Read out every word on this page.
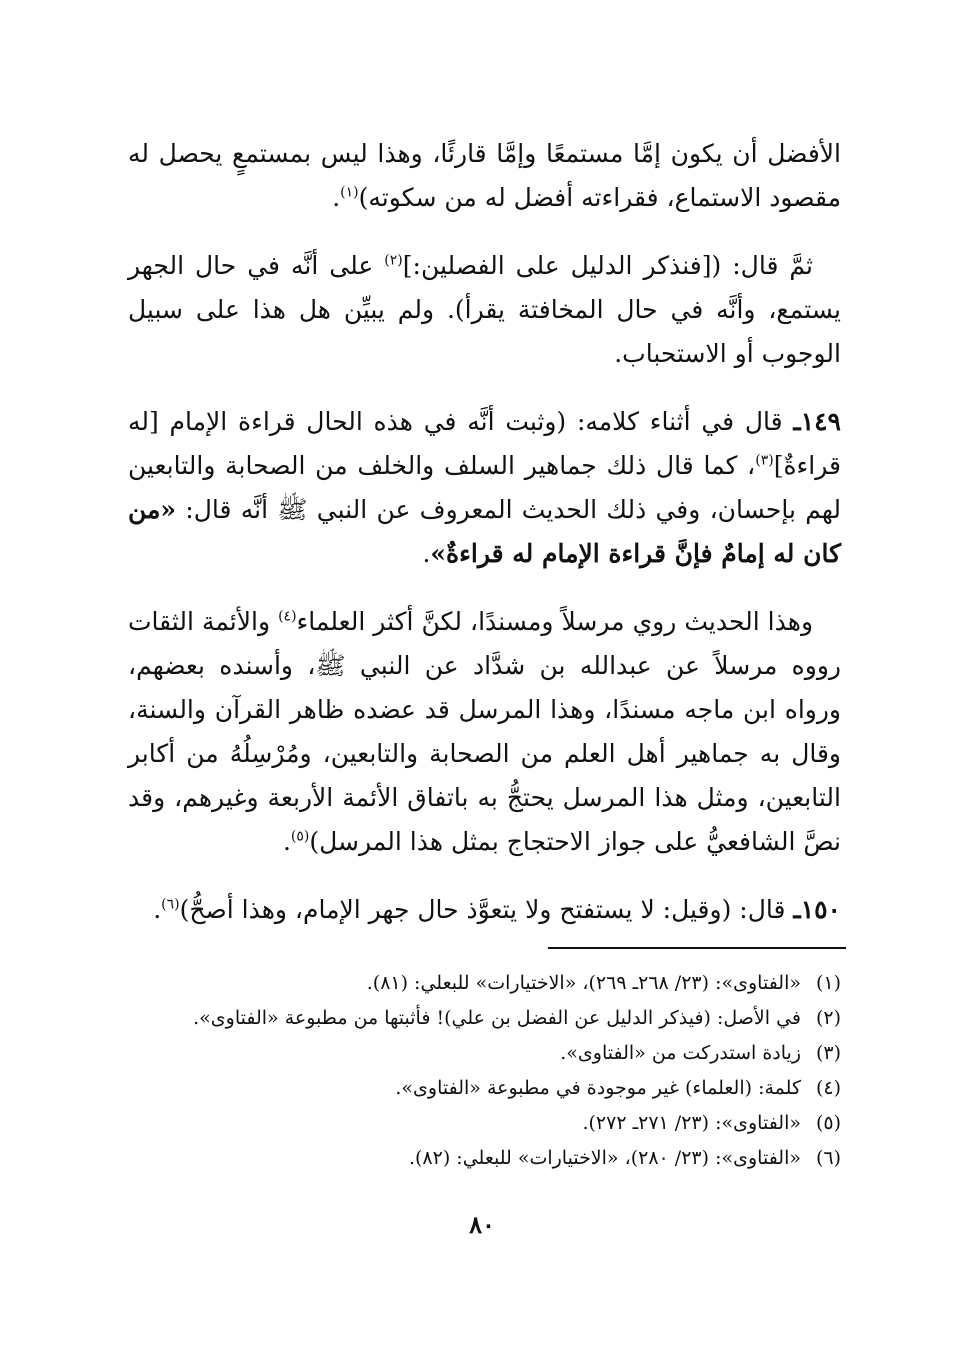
الأفضل أن يكون إمَّا مستمعًا وإمَّا قارئًا، وهذا ليس بمستمعٍ يحصل له مقصود الاستماع، فقراءته أفضل له من سكوته)$^{(١)}$.

ثمَّ قال: ([فنذكر الدليل على الفصلين:]$^{(٢)}$ على أنَّه في حال الجهر يستمع، وأنَّه في حال المخافتة يقرأ). ولم يبيِّن هل هذا على سبيل الوجوب أو الاستحباب.

١٤٩ـ قال في أثناء كلامه: (وثبت أنَّه في هذه الحال قراءة الإمام [له قراءةٌ]$^{(٣)}$، كما قال ذلك جماهير السلف والخلف من الصحابة والتابعين لهم بإحسان، وفي ذلك الحديث المعروف عن النبي ﷺ أنَّه قال: «من كان له إمامٌ فإنَّ قراءة الإمام له قراءةٌ».

وهذا الحديث روي مرسلاً ومسندًا، لكنَّ أكثر العلماء$^{(٤)}$ والأئمة الثقات رووه مرسلاً عن عبدالله بن شدَّاد عن النبي ﷺ، وأسنده بعضهم، ورواه ابن ماجه مسندًا، وهذا المرسل قد عضده ظاهر القرآن والسنة، وقال به جماهير أهل العلم من الصحابة والتابعين، ومُرْسِلُهُ من أكابر التابعين، ومثل هذا المرسل يحتجُّ به باتفاق الأئمة الأربعة وغيرهم، وقد نصَّ الشافعيُّ على جواز الاحتجاج بمثل هذا المرسل)$^{(٥)}$.

١٥٠ـ قال: (وقيل: لا يستفتح ولا يتعوَّذ حال جهر الإمام، وهذا أصحُّ)$^{(٦)}$.

(١)«الفتاوى»: (٢٣/ ٢٦٨ـ ٢٦٩)، «الاختيارات» للبعلي: (٨١).

(٢)في الأصل: (فيذكر الدليل عن الفضل بن علي)! فأثبتها من مطبوعة «الفتاوى».

(٣)زيادة استدركت من «الفتاوى».

(٤)كلمة: (العلماء) غير موجودة في مطبوعة «الفتاوى».

(٥)«الفتاوى»: (٢٣/ ٢٧١ـ ٢٧٢).

(٦)«الفتاوى»: (٢٣/ ٢٨٠)، «الاختيارات» للبعلي: (٨٢).

٨٠
